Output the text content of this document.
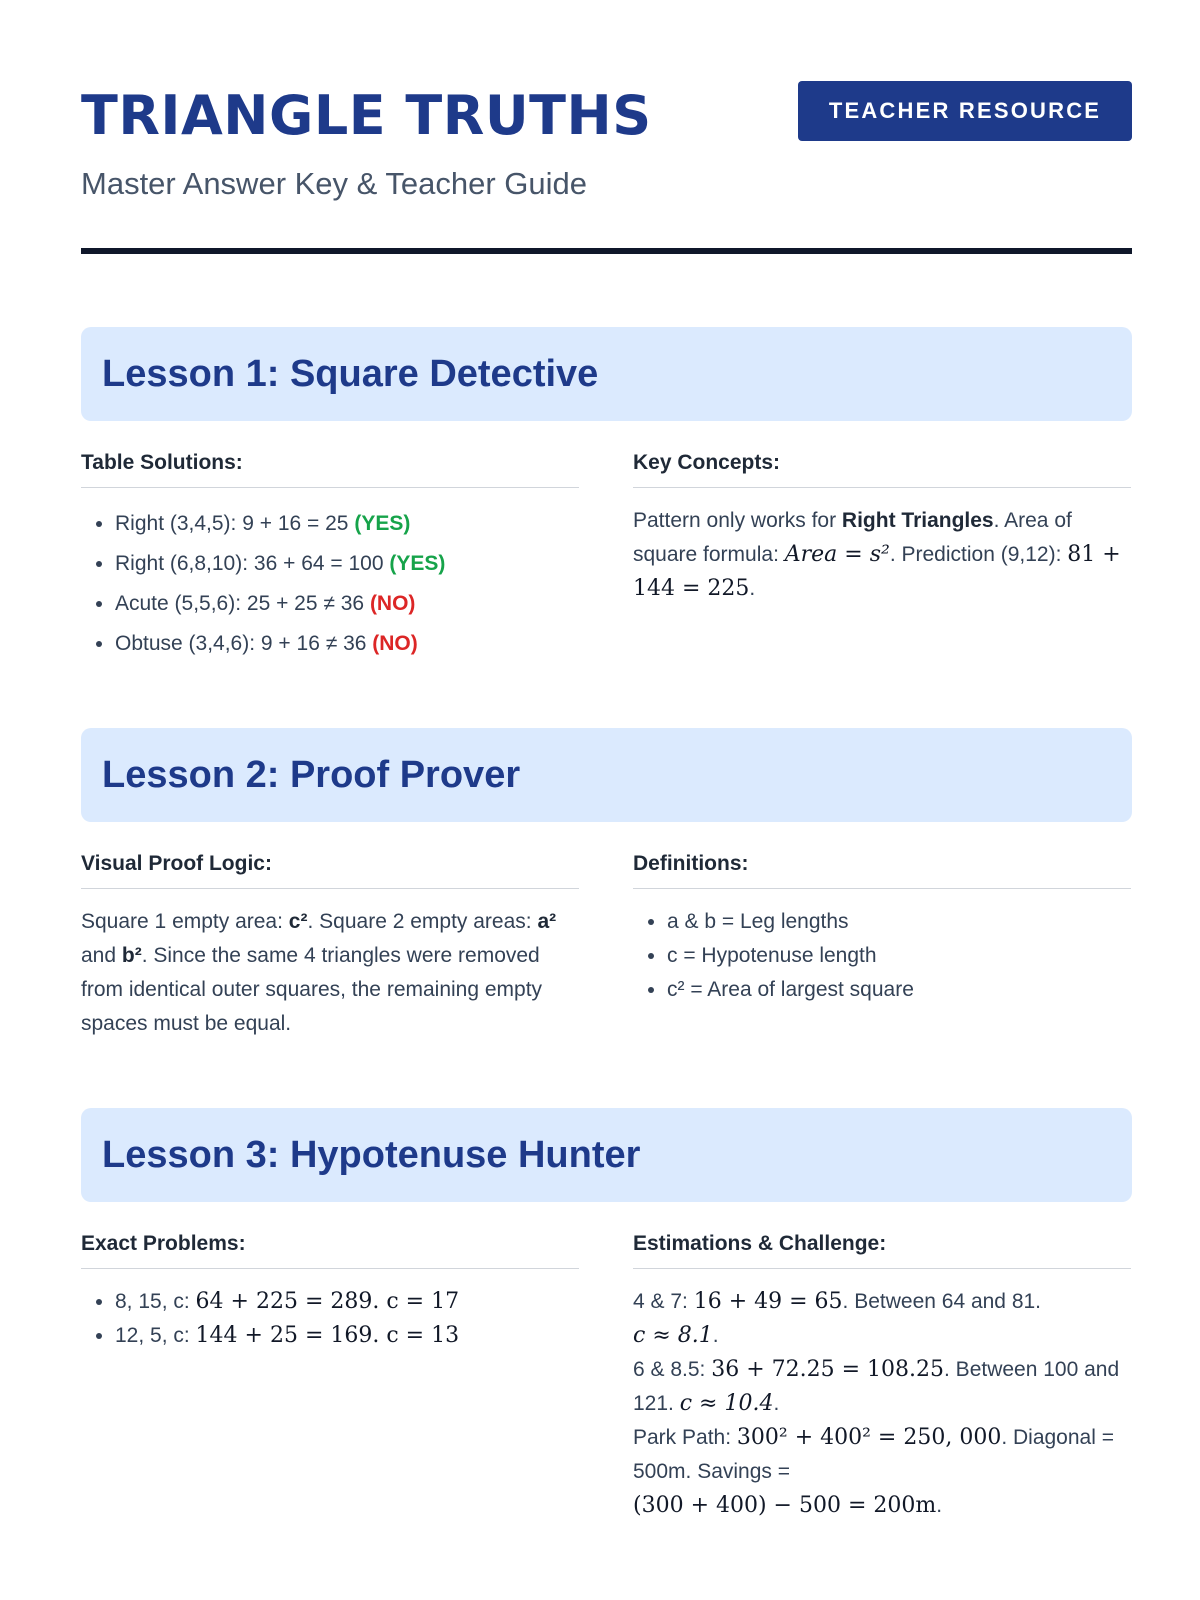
TRIANGLE TRUTHS
Master Answer Key & Teacher Guide
TEACHER RESOURCE
Lesson 1: Square Detective
Table Solutions:
• Right (3,4,5): 9 + 16 = 25 (YES)
• Right (6,8,10): 36 + 64 = 100 (YES)
• Acute (5,5,6): 25 + 25 ≠ 36 (NO)
• Obtuse (3,4,6): 9 + 16 ≠ 36 (NO)
Key Concepts:

Pattern only works for Right Triangles. Area of square formula: Area = s². Prediction (9,12): 81 + 144 = 225.

Lesson 2: Proof Prover
Visual Proof Logic:

Square 1 empty area: c². Square 2 empty areas: a² and b². Since the same 4 triangles were removed from identical outer squares, the remaining empty spaces must be equal.

Definitions:
• a & b = Leg lengths
• c = Hypotenuse length
• c² = Area of largest square
Lesson 3: Hypotenuse Hunter
Exact Problems:
• 8, 15, c: 64 + 225 = 289. c = 17
• 12, 5, c: 144 + 25 = 169. c = 13
Estimations & Challenge:

4 & 7: 16 + 49 = 65. Between 64 and 81.
c ≈ 8.1.

6 & 8.5: 36 + 72.25 = 108.25. Between 100 and 121. c ≈ 10.4.

Park Path: 300² + 400² = 250, 000. Diagonal = 500m. Savings =
(300 + 400) − 500 = 200m.
